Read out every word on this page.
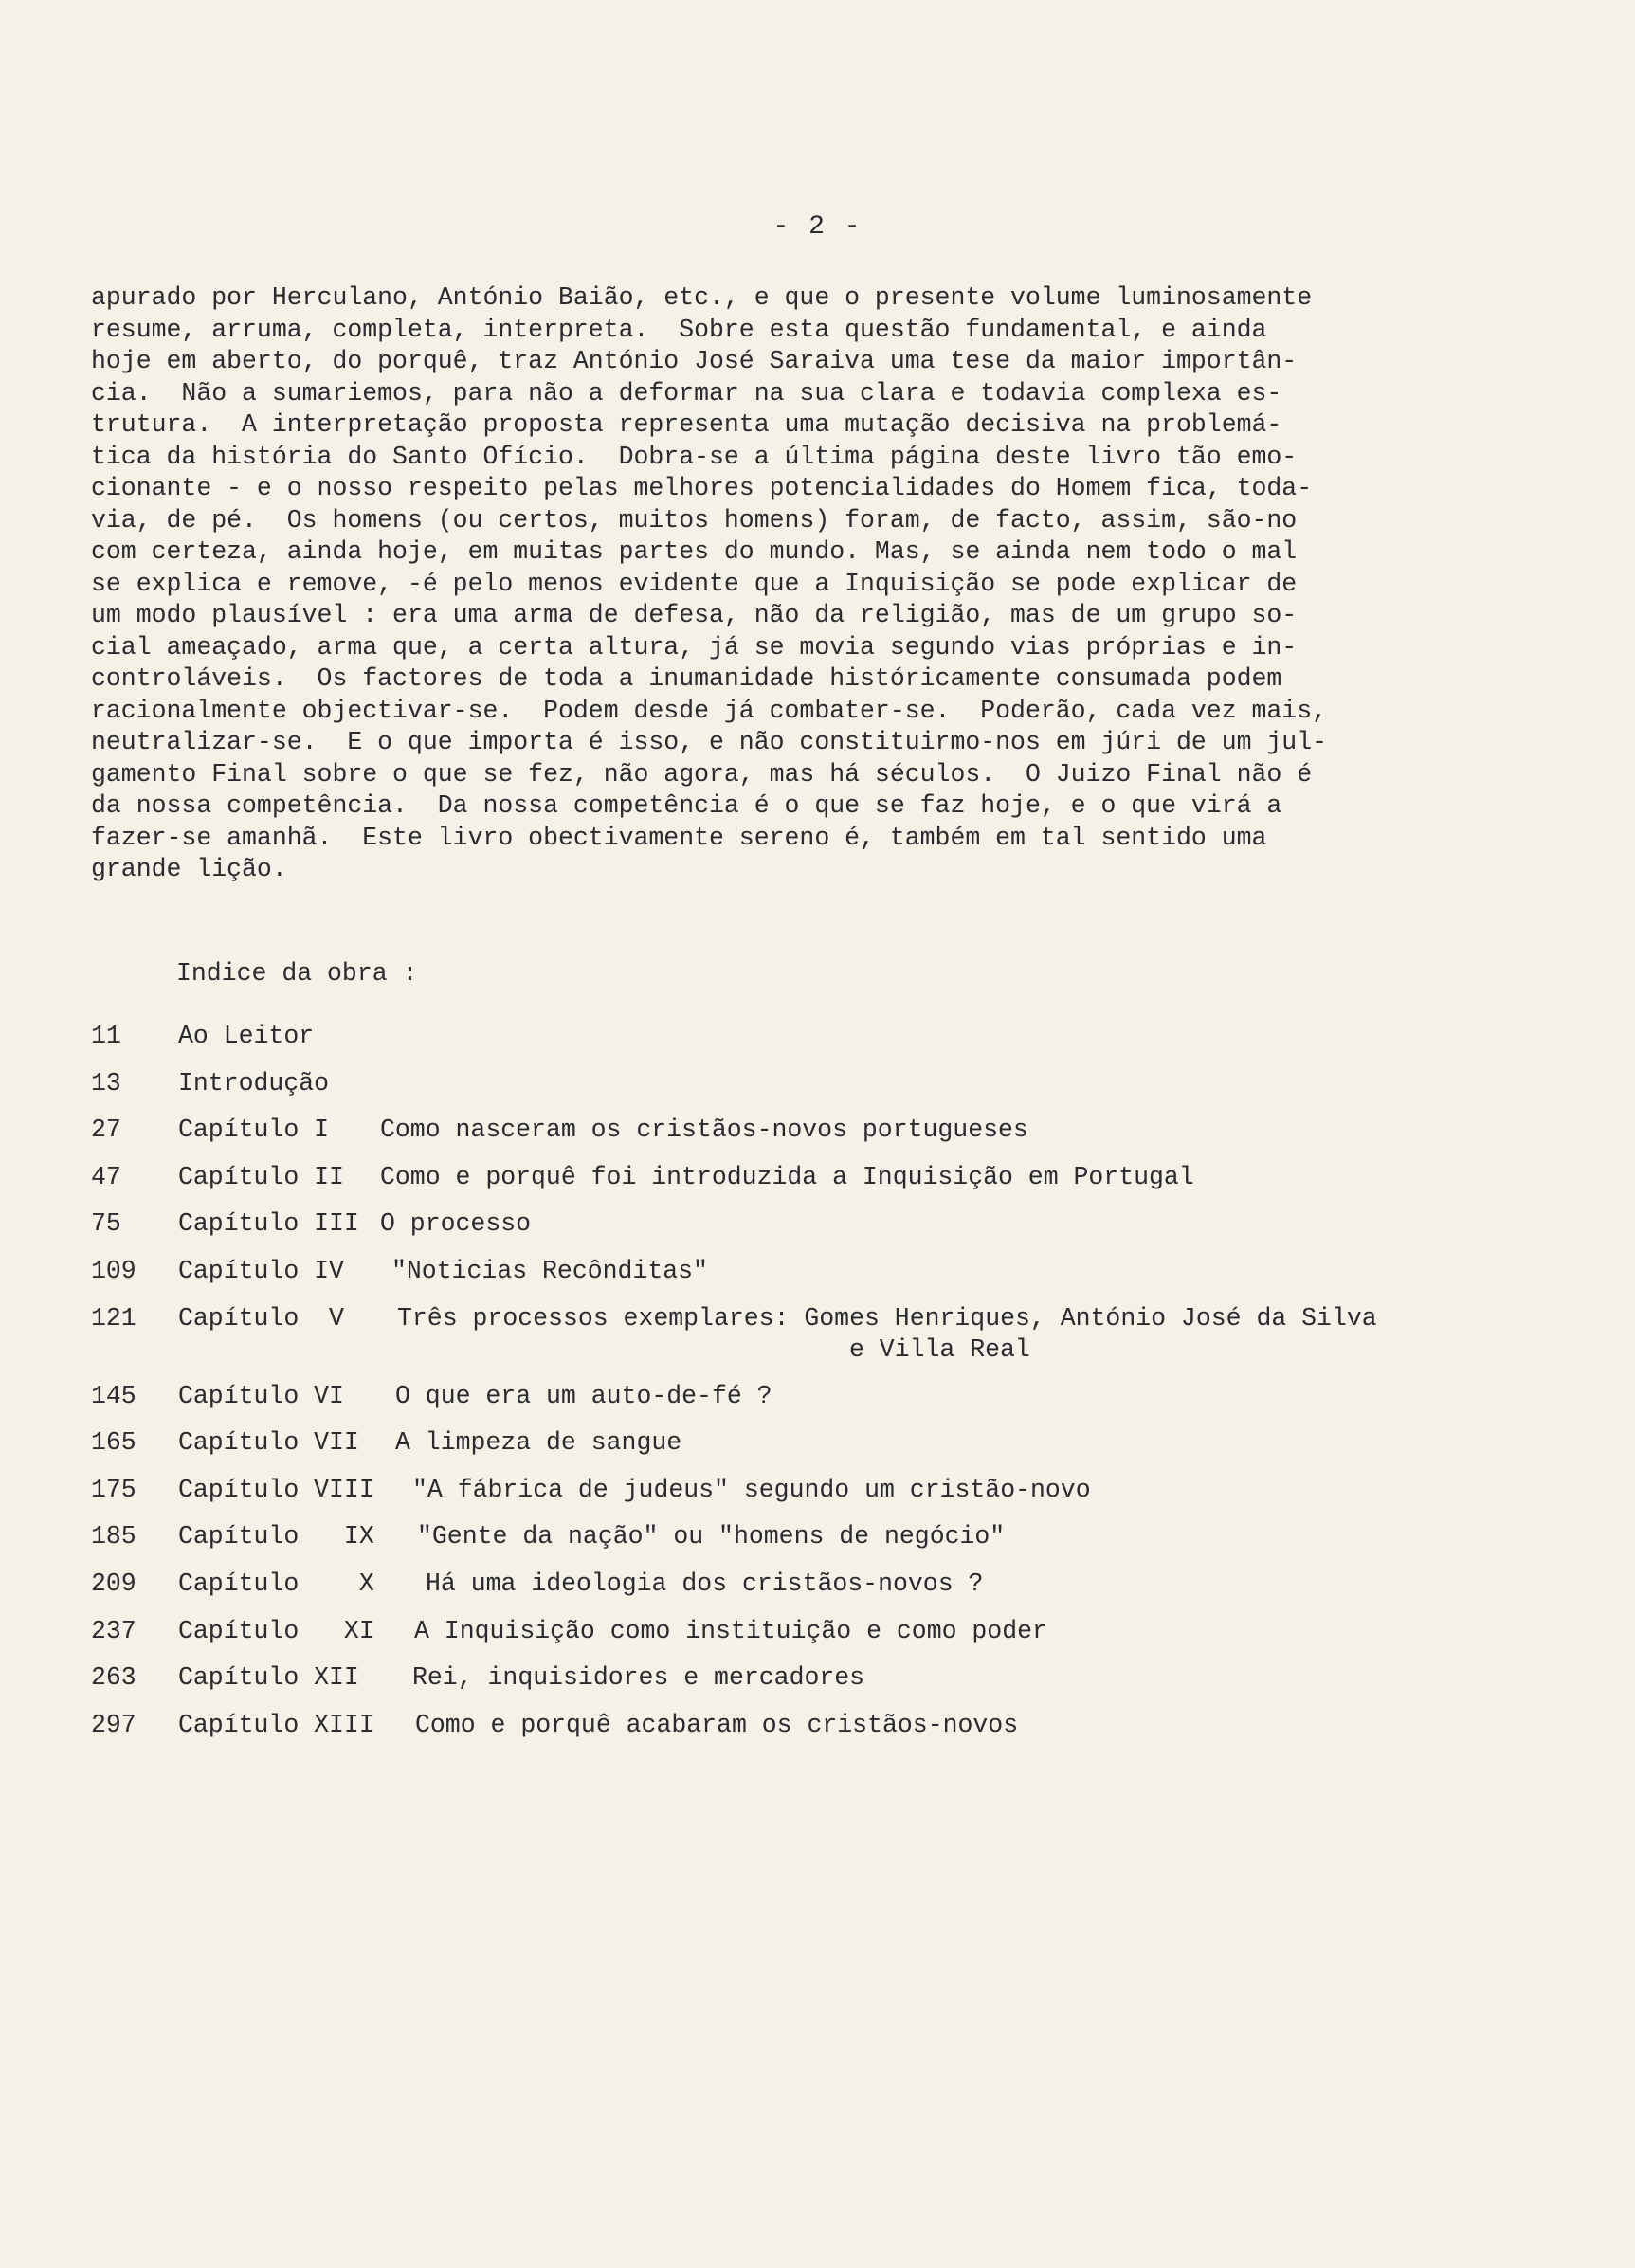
- 2 -
apurado por Herculano, António Baião, etc., e que o presente volume luminosamente
resume, arruma, completa, interpreta.  Sobre esta questão fundamental, e ainda
hoje em aberto, do porquê, traz António José Saraiva uma tese da maior importân-
cia.  Não a sumariemos, para não a deformar na sua clara e todavia complexa es-
trutura.  A interpretação proposta representa uma mutação decisiva na problemá-
tica da história do Santo Ofício.  Dobra-se a última página deste livro tão emo-
cionante - e o nosso respeito pelas melhores potencialidades do Homem fica, toda-
via, de pé.  Os homens (ou certos, muitos homens) foram, de facto, assim, são-no
com certeza, ainda hoje, em muitas partes do mundo. Mas, se ainda nem todo o mal
se explica e remove, -é pelo menos evidente que a Inquisição se pode explicar de
um modo plausível : era uma arma de defesa, não da religião, mas de um grupo so-
cial ameaçado, arma que, a certa altura, já se movia segundo vias próprias e in-
controláveis.  Os factores de toda a inumanidade históricamente consumada podem
racionalmente objectivar-se.  Podem desde já combater-se.  Poderão, cada vez mais,
neutralizar-se.  E o que importa é isso, e não constituirmo-nos em júri de um jul-
gamento Final sobre o que se fez, não agora, mas há séculos.  O Juizo Final não é
da nossa competência.  Da nossa competência é o que se faz hoje, e o que virá a
fazer-se amanhã.  Este livro obectivamente sereno é, também em tal sentido uma
grande lição.
Indice da obra :
11 Ao Leitor
13 Introdução
27 Capítulo I Como nasceram os cristãos-novos portugueses
47 Capítulo II Como e porquê foi introduzida a Inquisição em Portugal
75 Capítulo III O processo
109 Capítulo IV "Noticias Recônditas"
121 Capítulo  V Três processos exemplares: Gomes Henriques, António José da Silva
e Villa Real
145 Capítulo VI O que era um auto-de-fé ?
165 Capítulo VII A limpeza de sangue
175 Capítulo VIII "A fábrica de judeus" segundo um cristão-novo
185 Capítulo   IX "Gente da nação" ou "homens de negócio"
209 Capítulo    X Há uma ideologia dos cristãos-novos ?
237 Capítulo   XI A Inquisição como instituição e como poder
263 Capítulo XII Rei, inquisidores e mercadores
297 Capítulo XIII Como e porquê acabaram os cristãos-novos
